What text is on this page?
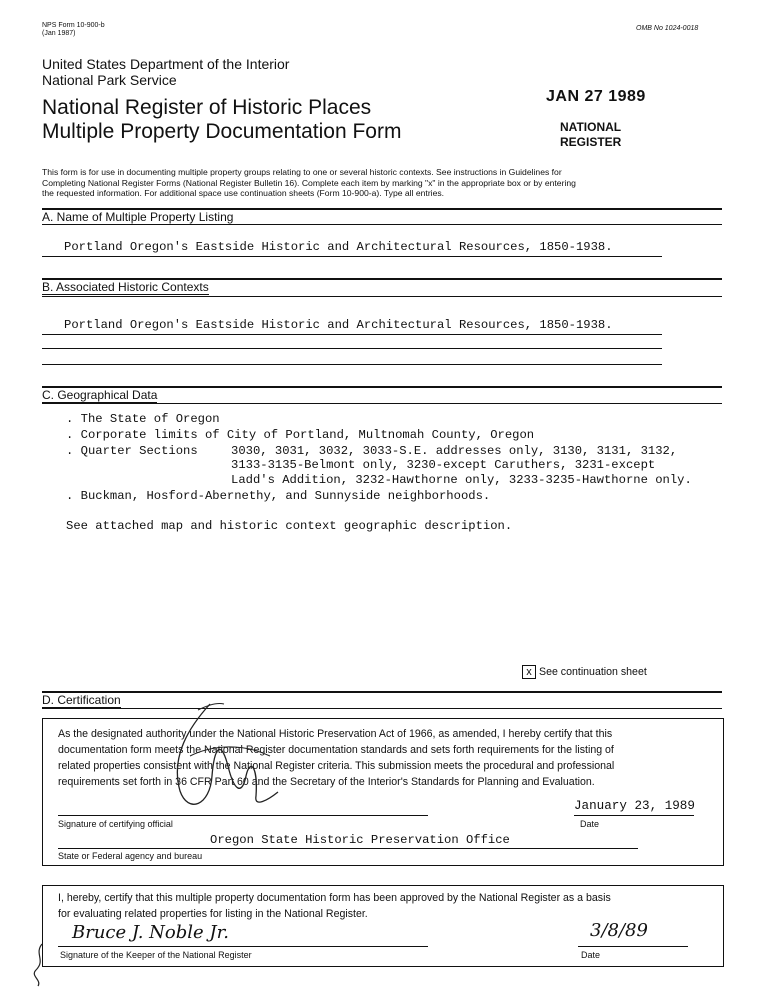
NPS Form 10-900-b
(Jan 1987)
OMB No 1024-0018
United States Department of the Interior
National Park Service
National Register of Historic Places
Multiple Property Documentation Form
JAN 27 1989
NATIONAL
REGISTER
This form is for use in documenting multiple property groups relating to one or several historic contexts. See instructions in Guidelines for
Completing National Register Forms (National Register Bulletin 16). Complete each item by marking "x" in the appropriate box or by entering
the requested information. For additional space use continuation sheets (Form 10-900-a). Type all entries.
A. Name of Multiple Property Listing
Portland Oregon's Eastside Historic and Architectural Resources, 1850-1938.
B. Associated Historic Contexts
Portland Oregon's Eastside Historic and Architectural Resources, 1850-1938.
C. Geographical Data
. The State of Oregon
. Corporate limits of City of Portland, Multnomah County, Oregon
. Quarter Sections	3030, 3031, 3032, 3033-S.E. addresses only, 3130, 3131, 3132,
3133-3135-Belmont only, 3230-except Caruthers, 3231-except
Ladd's Addition, 3232-Hawthorne only, 3233-3235-Hawthorne only.
. Buckman, Hosford-Abernethy, and Sunnyside neighborhoods.
See attached map and historic context geographic description.
x See continuation sheet
D. Certification
As the designated authority under the National Historic Preservation Act of 1966, as amended, I hereby certify that this
documentation form meets the National Register documentation standards and sets forth requirements for the listing of
related properties consistent with the National Register criteria. This submission meets the procedural and professional
requirements set forth in 36 CFR Part 60 and the Secretary of the Interior's Standards for Planning and Evaluation.
January 23, 1989
Signature of certifying official	Date
Oregon State Historic Preservation Office
State or Federal agency and bureau
I, hereby, certify that this multiple property documentation form has been approved by the National Register as a basis
for evaluating related properties for listing in the National Register.
Bruce J. Noble Jr.	3/8/89
Signature of the Keeper of the National Register	Date
